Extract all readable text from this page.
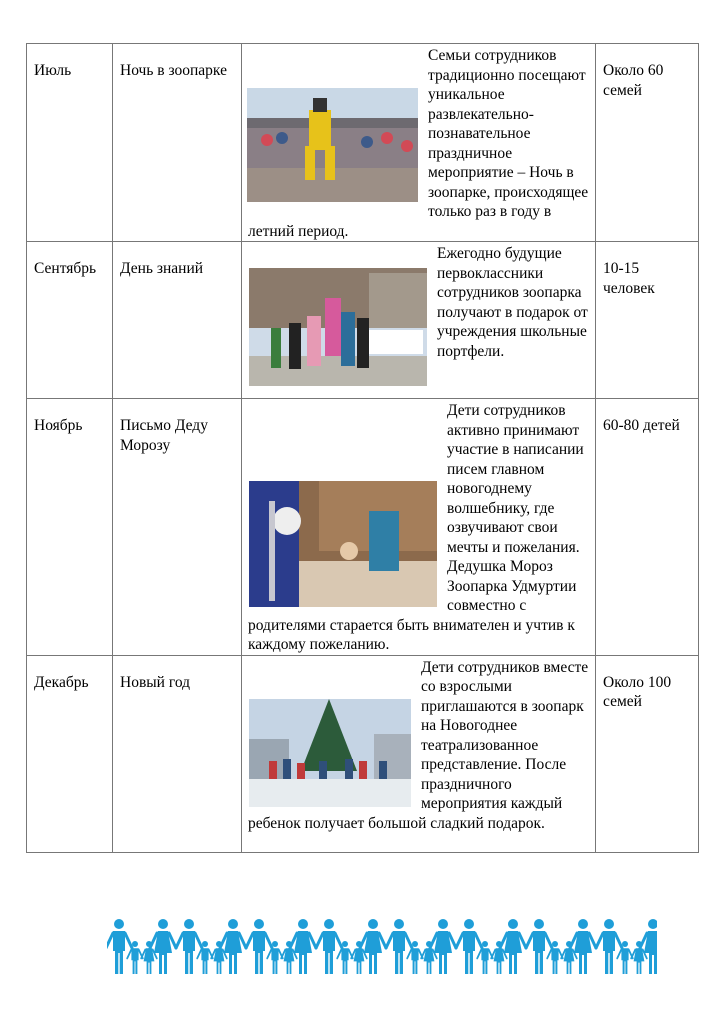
Июль	Ночь в зоопарке	Семьи сотрудников традиционно посещают уникальное развлекательно-познавательное праздничное мероприятие – Ночь в зоопарке, происходящее только раз в году в летний период.	Около 60 семей
Сентябрь	День знаний	Ежегодно будущие первоклассники сотрудников зоопарка получают в подарок от учреждения школьные портфели.	10-15 человек
Ноябрь	Письмо Деду Морозу	Дети сотрудников активно принимают участие в написании писем главном новогоднему волшебнику, где озвучивают свои мечты и пожелания. Дедушка Мороз Зоопарка Удмуртии совместно с родителями старается быть внимателен и учтив к каждому пожеланию.	60-80 детей
Декабрь	Новый год	Дети сотрудников вместе со взрослыми приглашаются в зоопарк на Новогоднее театрализованное представление. После праздничного мероприятия каждый ребенок получает большой сладкий подарок.	Около 100 семей
